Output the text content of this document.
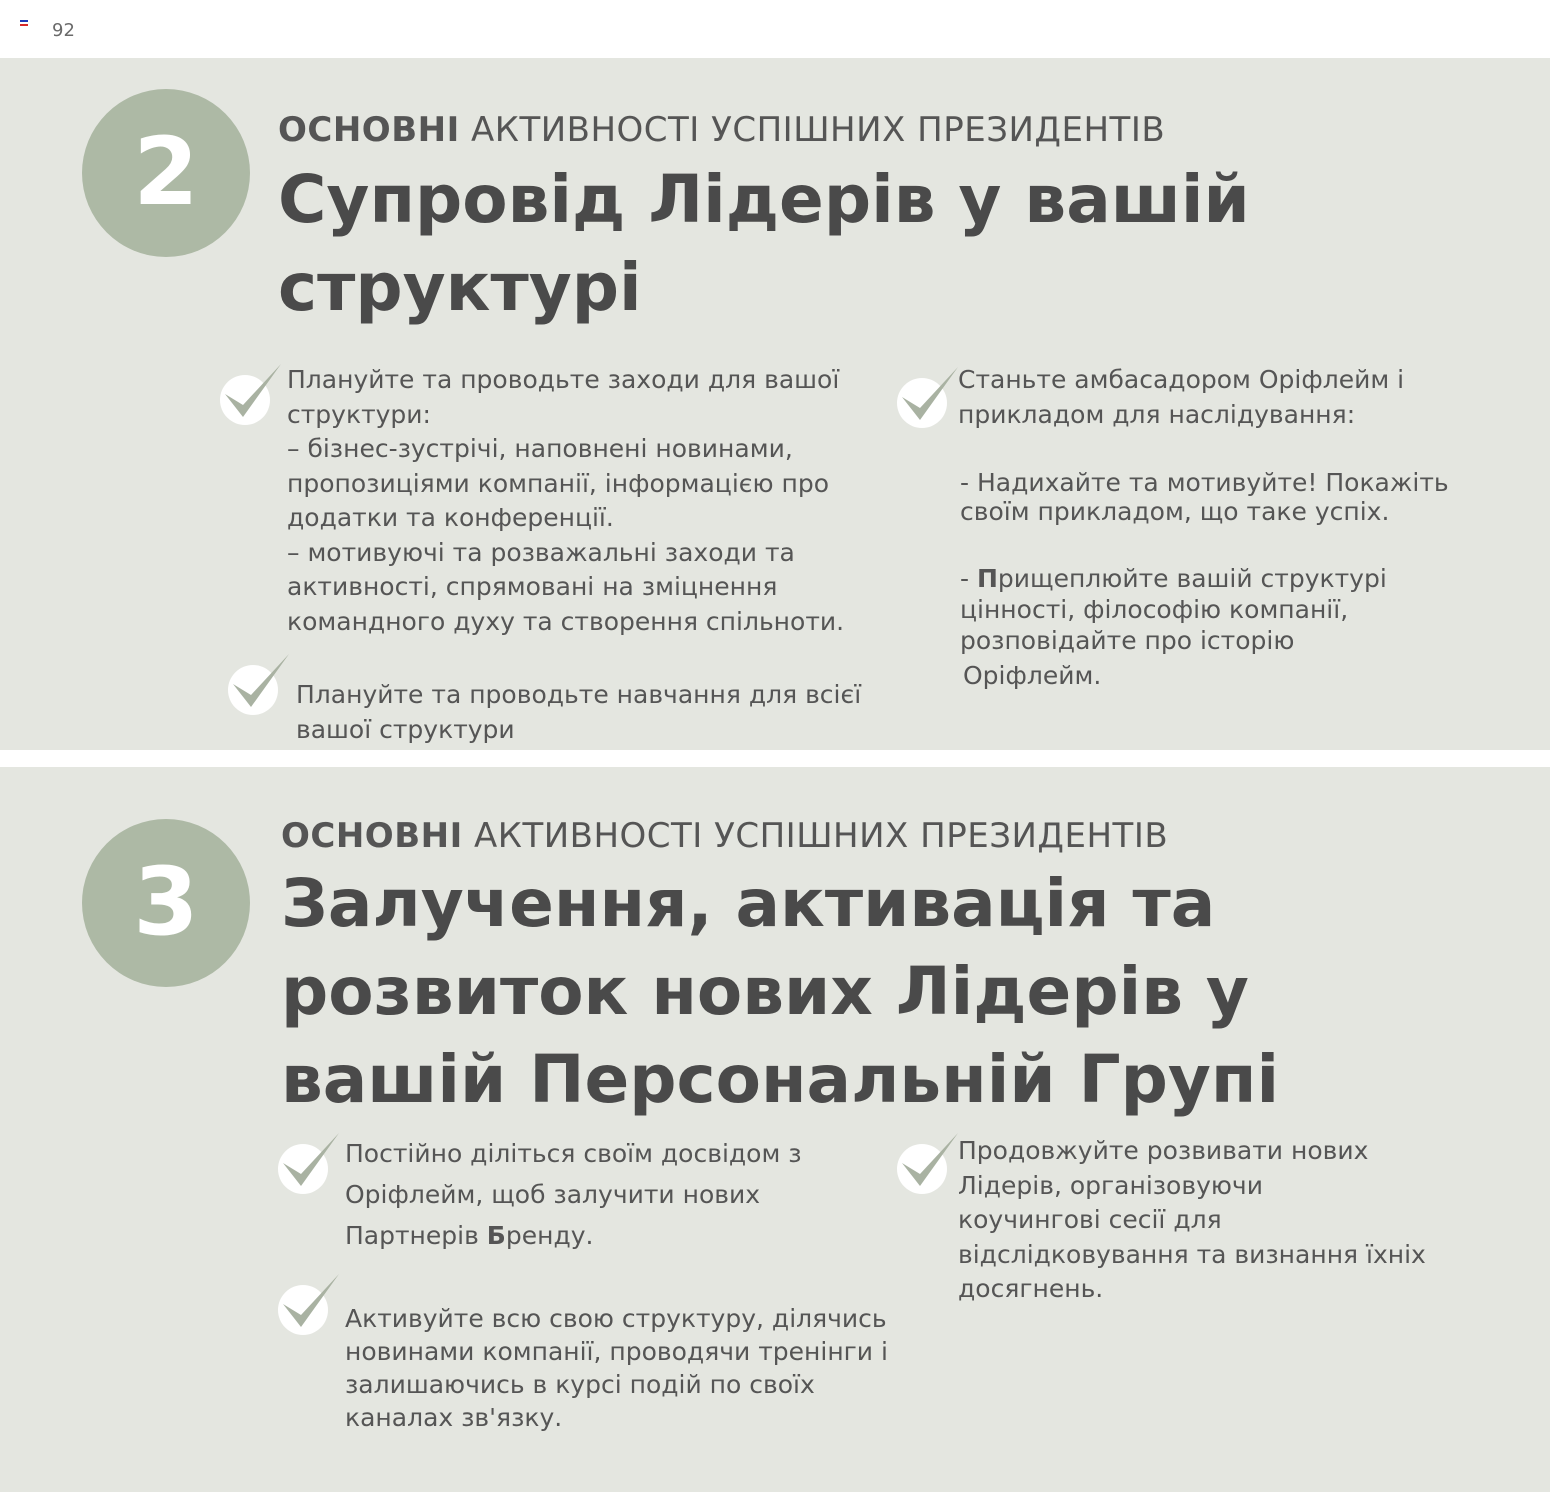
92
2	ОСНОВНІ АКТИВНОСТІ УСПІШНИХ ПРЕЗИДЕНТІВ
Супровід Лідерів у вашій
структурі

Плануйте та проводьте заходи для вашої

структури:

– бізнес-зустрічі, наповнені новинами,

пропозиціями компанії, інформацією про

додатки та конференції.

– мотивуючі та розважальні заходи та

активності, спрямовані на зміцнення

командного духу та створення спільноти.

Плануйте та проводьте навчання для всієї

вашої структури

Станьте амбасадором Оріфлейм і

прикладом для наслідування:

- Надихайте та мотивуйте! Покажіть

своїм прикладом, що таке успіх.

- Прищеплюйте вашій структурі

цінності, філософію компанії,

розповідайте про історію

Оріфлейм.

3
ОСНОВНІ АКТИВНОСТІ УСПІШНИХ ПРЕЗИДЕНТІВ
Залучення, активація та
розвиток нових Лідерів у
вашій Персональній Групі

Постійно діліться своїм досвідом з

Оріфлейм, щоб залучити нових

Партнерів Бренду.

Активуйте всю свою структуру, ділячись

новинами компанії, проводячи тренінги і

залишаючись в курсі подій по своїх

каналах зв'язку.

Продовжуйте розвивати нових

Лідерів, організовуючи

коучингові сесії для

відслідковування та визнання їхніх

досягнень.
